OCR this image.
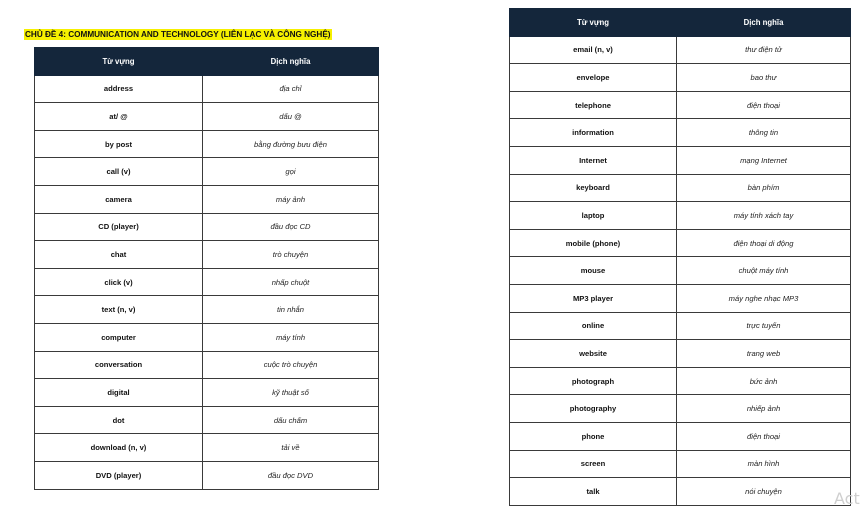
CHỦ ĐỀ 4: COMMUNICATION AND TECHNOLOGY (LIÊN LẠC VÀ CÔNG NGHỆ)
Từ vựng	Dịch nghĩa
address	địa chỉ
at/ @	dấu @
by post	bằng đường bưu điện
call (v)	gọi
camera	máy ảnh
CD (player)	đầu đọc CD
chat	trò chuyện
click (v)	nhấp chuột
text (n, v)	tin nhắn
computer	máy tính
conversation	cuộc trò chuyện
digital	kỹ thuật số
dot	dấu chấm
download (n, v)	tải về
DVD (player)	đầu đọc DVD
Từ vựng	Dịch nghĩa
email (n, v)	thư điện tử
envelope	bao thư
telephone	điện thoại
information	thông tin
Internet	mạng Internet
keyboard	bàn phím
laptop	máy tính xách tay
mobile (phone)	điện thoại di động
mouse	chuột máy tính
MP3 player	máy nghe nhạc MP3
online	trực tuyến
website	trang web
photograph	bức ảnh
photography	nhiếp ảnh
phone	điện thoại
screen	màn hình
talk	nói chuyện	Act
